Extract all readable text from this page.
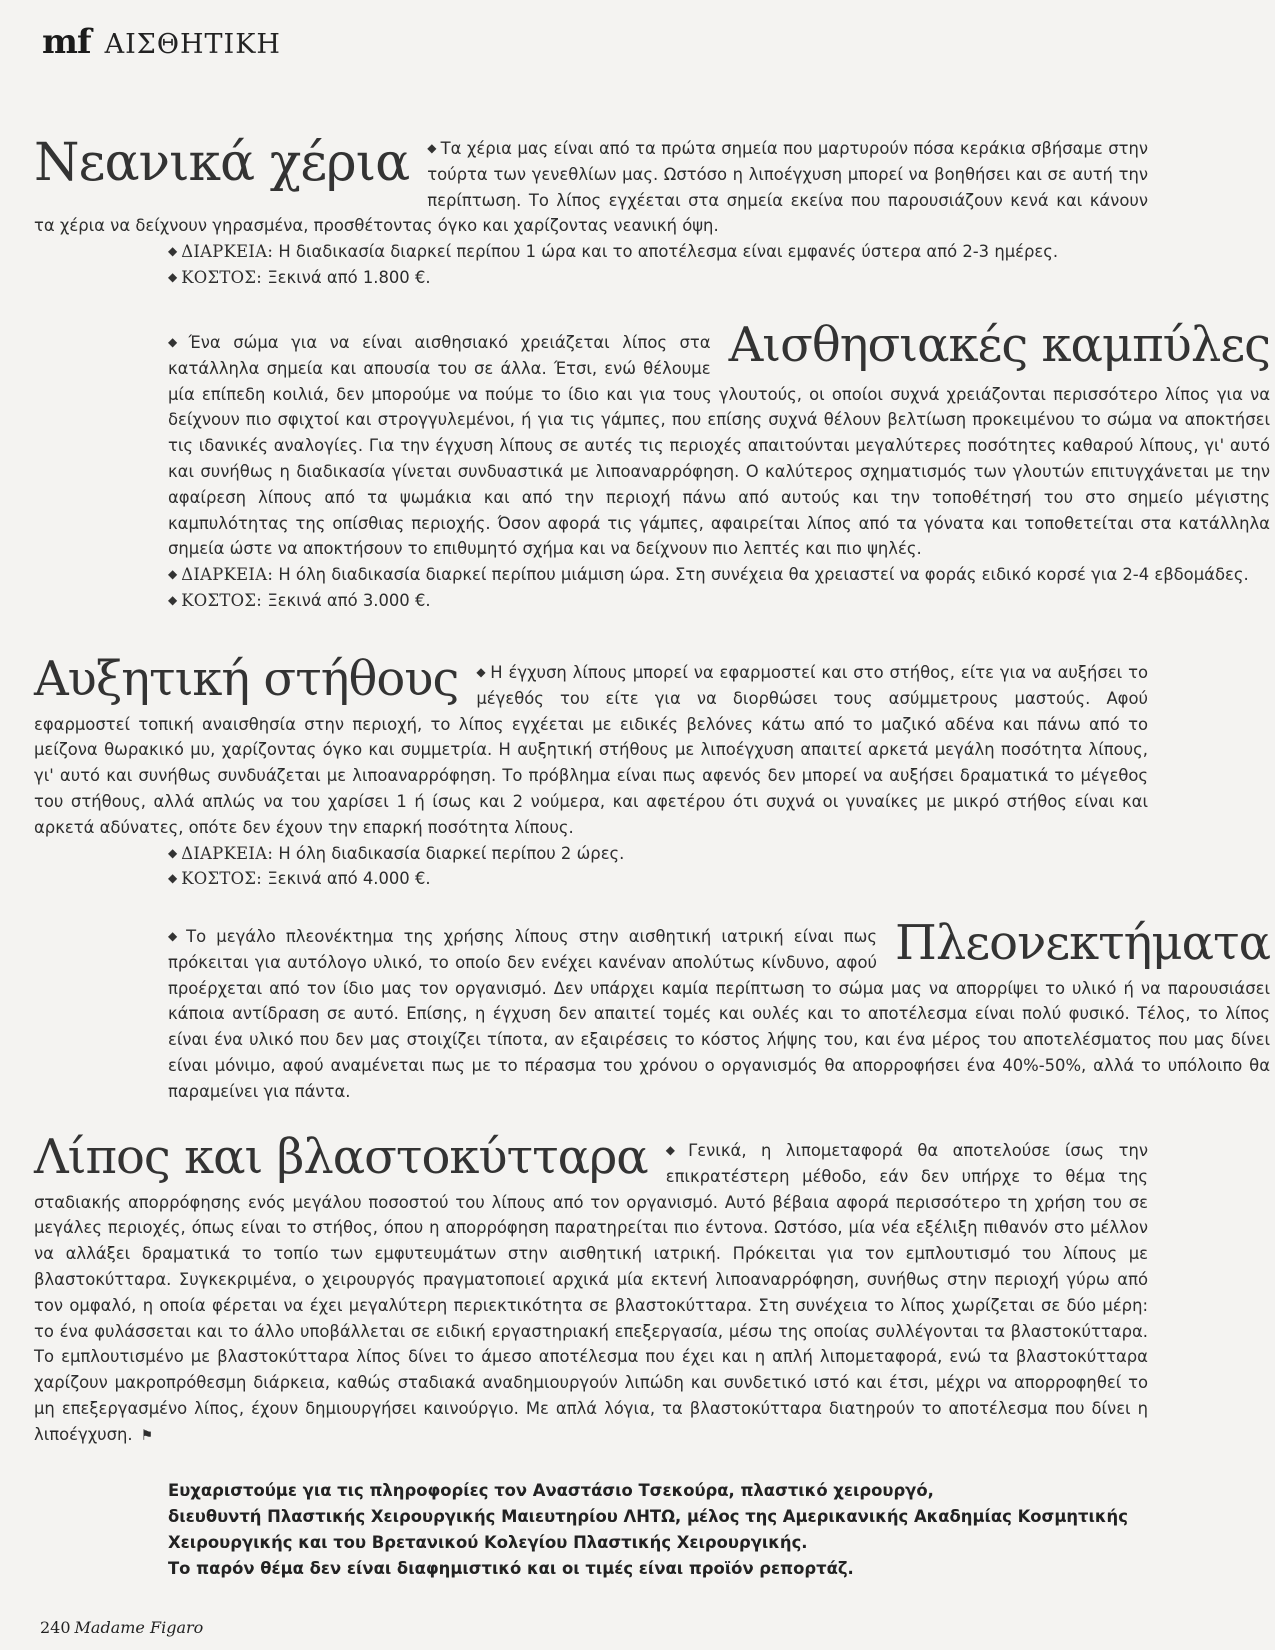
mf ΑΙΣΘΗΤΙΚΗ
Νεανικά χέρια	◆ Τα χέρια μας είναι από τα πρώτα σημεία που μαρτυρούν πόσα κεράκια σβήσαμε στην τούρτα των γενεθλίων μας. Ωστόσο η λιποέγχυση μπορεί να βοηθήσει και σε αυτή την περίπτωση. Το λίπος εγχέεται στα σημεία εκείνα που παρουσιάζουν κενά και κάνουν τα χέρια να δείχνουν γηρασμένα, προσθέτοντας όγκο και χαρίζοντας νεανική όψη.

◆ ΔΙΑΡΚΕΙΑ: Η διαδικασία διαρκεί περίπου 1 ώρα και το αποτέλεσμα είναι εμφανές ύστερα από 2-3 ημέρες.

◆ ΚΟΣΤΟΣ: Ξεκινά από 1.800 €.

Αισθησιακές καμπύλες

◆ Ένα σώμα για να είναι αισθησιακό χρειάζεται λίπος στα κατάλληλα σημεία και απουσία του σε άλλα. Έτσι, ενώ θέλουμε μία επίπεδη κοιλιά, δεν μπορούμε να πούμε το ίδιο και για τους γλουτούς, οι οποίοι συχνά χρειάζονται περισσότερο λίπος για να δείχνουν πιο σφιχτοί και στρογγυλεμένοι, ή για τις γάμπες, που επίσης συχνά θέλουν βελτίωση προκειμένου το σώμα να αποκτήσει τις ιδανικές αναλογίες. Για την έγχυση λίπους σε αυτές τις περιοχές απαιτούνται μεγαλύτερες ποσότητες καθαρού λίπους, γι' αυτό και συνήθως η διαδικασία γίνεται συνδυαστικά με λιποαναρρόφηση. Ο καλύτερος σχηματισμός των γλουτών επιτυγχάνεται με την αφαίρεση λίπους από τα ψωμάκια και από την περιοχή πάνω από αυτούς και την τοποθέτησή του στο σημείο μέγιστης καμπυλότητας της οπίσθιας περιοχής. Όσον αφορά τις γάμπες, αφαιρείται λίπος από τα γόνατα και τοποθετείται στα κατάλληλα σημεία ώστε να αποκτήσουν το επιθυμητό σχήμα και να δείχνουν πιο λεπτές και πιο ψηλές.

◆ ΔΙΑΡΚΕΙΑ: Η όλη διαδικασία διαρκεί περίπου μιάμιση ώρα. Στη συνέχεια θα χρειαστεί να φοράς ειδικό κορσέ για 2-4 εβδομάδες.

◆ ΚΟΣΤΟΣ: Ξεκινά από 3.000 €.

Αυξητική στήθους	◆ Η έγχυση λίπους μπορεί να εφαρμοστεί και στο στήθος, είτε για να αυξήσει το μέγεθός του είτε για να διορθώσει τους ασύμμετρους μαστούς. Αφού εφαρμοστεί τοπική αναισθησία στην περιοχή, το λίπος εγχέεται με ειδικές βελόνες κάτω από το μαζικό αδένα και πάνω από το μείζονα θωρακικό μυ, χαρίζοντας όγκο και συμμετρία. Η αυξητική στήθους με λιποέγχυση απαιτεί αρκετά μεγάλη ποσότητα λίπους, γι' αυτό και συνήθως συνδυάζεται με λιποαναρρόφηση. Το πρόβλημα είναι πως αφενός δεν μπορεί να αυξήσει δραματικά το μέγεθος του στήθους, αλλά απλώς να του χαρίσει 1 ή ίσως και 2 νούμερα, και αφετέρου ότι συχνά οι γυναίκες με μικρό στήθος είναι και αρκετά αδύνατες, οπότε δεν έχουν την επαρκή ποσότητα λίπους.

◆ ΔΙΑΡΚΕΙΑ: Η όλη διαδικασία διαρκεί περίπου 2 ώρες.

◆ ΚΟΣΤΟΣ: Ξεκινά από 4.000 €.

Πλεονεκτήματα

◆ Το μεγάλο πλεονέκτημα της χρήσης λίπους στην αισθητική ιατρική είναι πως πρόκειται για αυτόλογο υλικό, το οποίο δεν ενέχει κανέναν απολύτως κίνδυνο, αφού προέρχεται από τον ίδιο μας τον οργανισμό. Δεν υπάρχει καμία περίπτωση το σώμα μας να απορρίψει το υλικό ή να παρουσιάσει κάποια αντίδραση σε αυτό. Επίσης, η έγχυση δεν απαιτεί τομές και ουλές και το αποτέλεσμα είναι πολύ φυσικό. Τέλος, το λίπος είναι ένα υλικό που δεν μας στοιχίζει τίποτα, αν εξαιρέσεις το κόστος λήψης του, και ένα μέρος του αποτελέσματος που μας δίνει είναι μόνιμο, αφού αναμένεται πως με το πέρασμα του χρόνου ο οργανισμός θα απορροφήσει ένα 40%-50%, αλλά το υπόλοιπο θα παραμείνει για πάντα.

Λίπος και βλαστοκύτταρα	◆ Γενικά, η λιπομεταφορά θα αποτελούσε ίσως την επικρατέστερη μέθοδο, εάν δεν υπήρχε το θέμα της σταδιακής απορρόφησης ενός μεγάλου ποσοστού του λίπους από τον οργανισμό. Αυτό βέβαια αφορά περισσότερο τη χρήση του σε μεγάλες περιοχές, όπως είναι το στήθος, όπου η απορρόφηση παρατηρείται πιο έντονα. Ωστόσο, μία νέα εξέλιξη πιθανόν στο μέλλον να αλλάξει δραματικά το τοπίο των εμφυτευμάτων στην αισθητική ιατρική. Πρόκειται για τον εμπλουτισμό του λίπους με βλαστοκύτταρα. Συγκεκριμένα, ο χειρουργός πραγματοποιεί αρχικά μία εκτενή λιποαναρρόφηση, συνήθως στην περιοχή γύρω από τον ομφαλό, η οποία φέρεται να έχει μεγαλύτερη περιεκτικότητα σε βλαστοκύτταρα. Στη συνέχεια το λίπος χωρίζεται σε δύο μέρη: το ένα φυλάσσεται και το άλλο υποβάλλεται σε ειδική εργαστηριακή επεξεργασία, μέσω της οποίας συλλέγονται τα βλαστοκύτταρα. Το εμπλουτισμένο με βλαστοκύτταρα λίπος δίνει το άμεσο αποτέλεσμα που έχει και η απλή λιπομεταφορά, ενώ τα βλαστοκύτταρα χαρίζουν μακροπρόθεσμη διάρκεια, καθώς σταδιακά αναδημιουργούν λιπώδη και συνδετικό ιστό και έτσι, μέχρι να απορροφηθεί το μη επεξεργασμένο λίπος, έχουν δημιουργήσει καινούργιο. Με απλά λόγια, τα βλαστοκύτταρα διατηρούν το αποτέλεσμα που δίνει η λιποέγχυση. ⚑

Ευχαριστούμε για τις πληροφορίες τον Αναστάσιο Τσεκούρα, πλαστικό χειρουργό,

διευθυντή Πλαστικής Χειρουργικής Μαιευτηρίου ΛΗΤΩ, μέλος της Αμερικανικής Ακαδημίας Κοσμητικής

Χειρουργικής και του Βρετανικού Κολεγίου Πλαστικής Χειρουργικής.

Το παρόν θέμα δεν είναι διαφημιστικό και οι τιμές είναι προϊόν ρεπορτάζ.

240 Madame Figaro
